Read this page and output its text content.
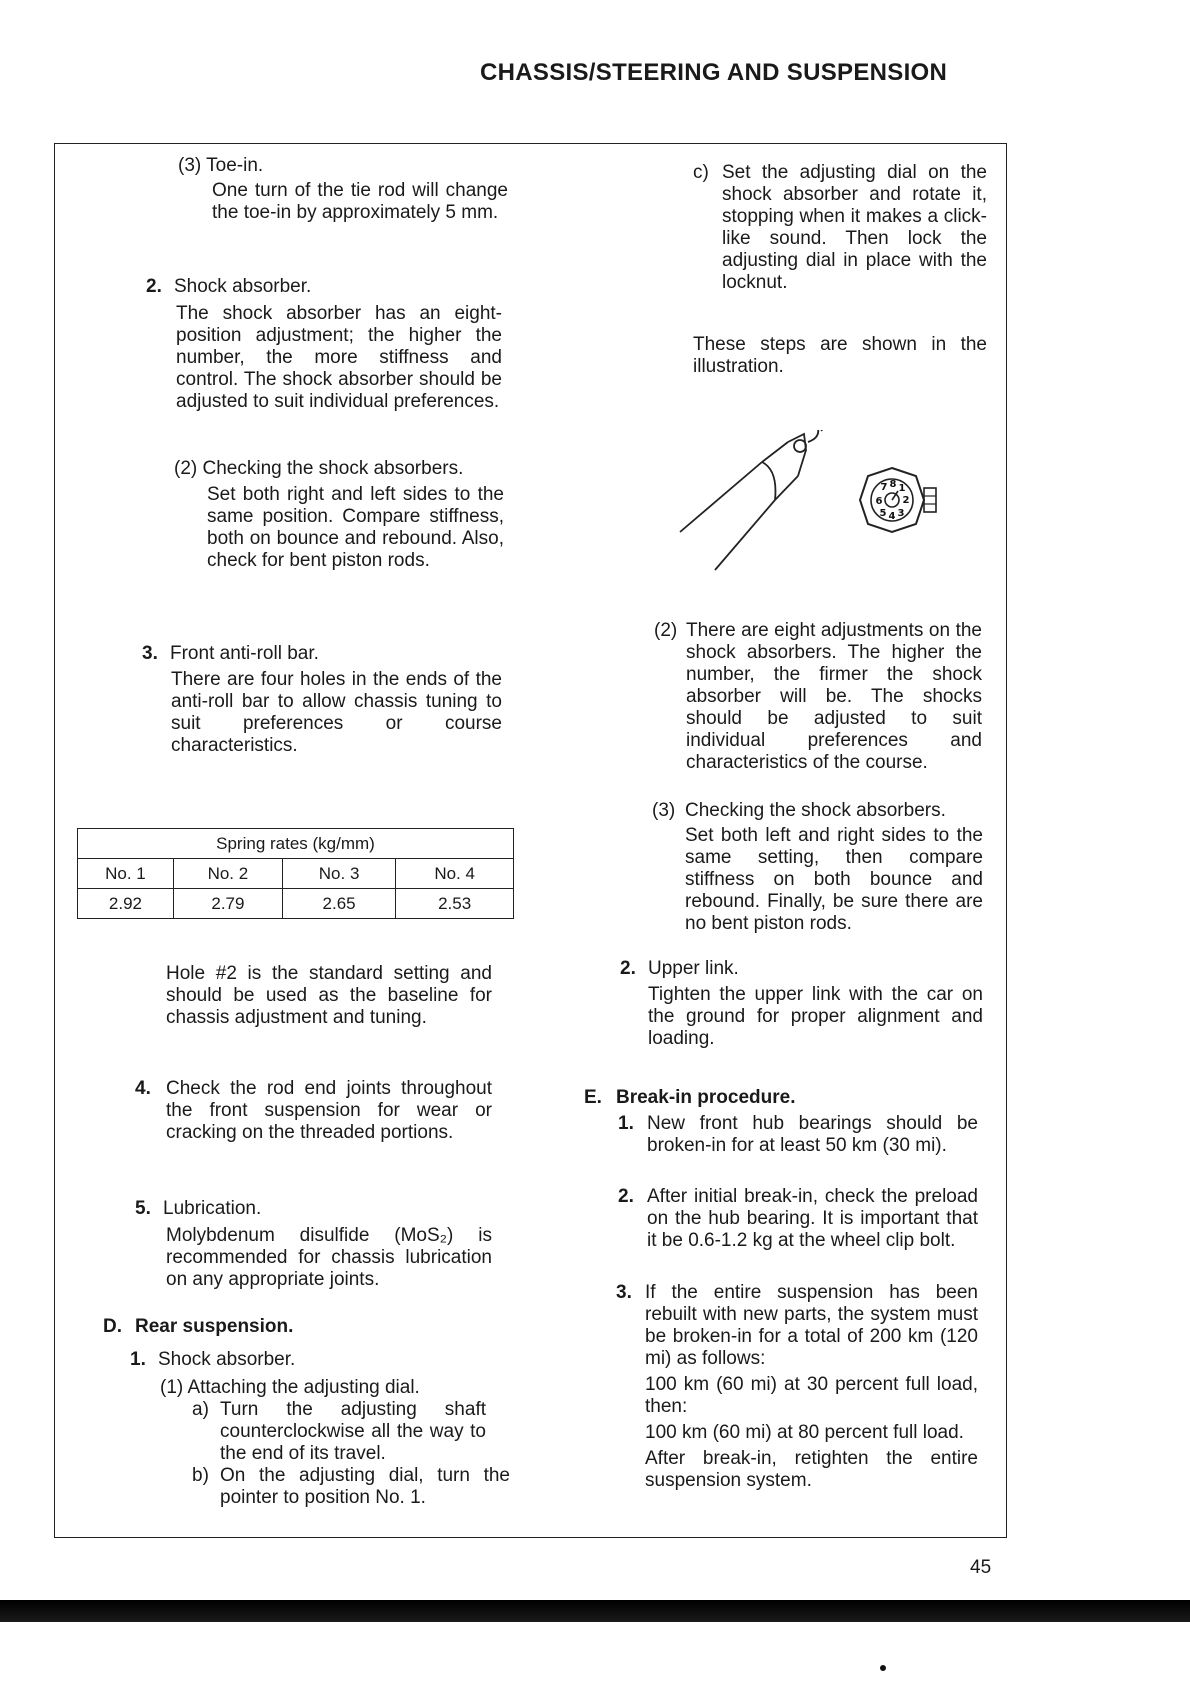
CHASSIS/STEERING AND SUSPENSION
(3) Toe-in.
One turn of the tie rod will change the toe-in by approximately 5 mm.
2. Shock absorber.
The shock absorber has an eight-position adjustment; the higher the number, the more stiffness and control. The shock absorber should be adjusted to suit individual preferences.
(2) Checking the shock absorbers.
Set both right and left sides to the same position. Compare stiffness, both on bounce and rebound. Also, check for bent piston rods.
3. Front anti-roll bar.
There are four holes in the ends of the anti-roll bar to allow chassis tuning to suit preferences or course characteristics.
Spring rates (kg/mm)			
No. 1	No. 2	No. 3	No. 4
2.92	2.79	2.65	2.53
Hole #2 is the standard setting and should be used as the baseline for chassis adjustment and tuning.
4. Check the rod end joints throughout the front suspension for wear or cracking on the threaded portions.
5. Lubrication.
Molybdenum disulfide (MoS₂) is recommended for chassis lubrication on any appropriate joints.
D. Rear suspension.
1. Shock absorber.
(1) Attaching the adjusting dial.
a) Turn the adjusting shaft counterclockwise all the way to the end of its travel.
b) On the adjusting dial, turn the pointer to position No. 1.
c) Set the adjusting dial on the shock absorber and rotate it, stopping when it makes a click-like sound. Then lock the adjusting dial in place with the locknut.
These steps are shown in the illustration.
7 8 1
2
3
4
5
6
(2) There are eight adjustments on the shock absorbers. The higher the number, the firmer the shock absorber will be. The shocks should be adjusted to suit individual preferences and characteristics of the course.
(3) Checking the shock absorbers.
Set both left and right sides to the same setting, then compare stiffness on both bounce and rebound. Finally, be sure there are no bent piston rods.
2. Upper link.
Tighten the upper link with the car on the ground for proper alignment and loading.
E. Break-in procedure.
1. New front hub bearings should be broken-in for at least 50 km (30 mi).
2. After initial break-in, check the preload on the hub bearing. It is important that it be 0.6-1.2 kg at the wheel clip bolt.
3. If the entire suspension has been rebuilt with new parts, the system must be broken-in for a total of 200 km (120 mi) as follows:
100 km (60 mi) at 30 percent full load, then:
100 km (60 mi) at 80 percent full load.
After break-in, retighten the entire suspension system.
45
